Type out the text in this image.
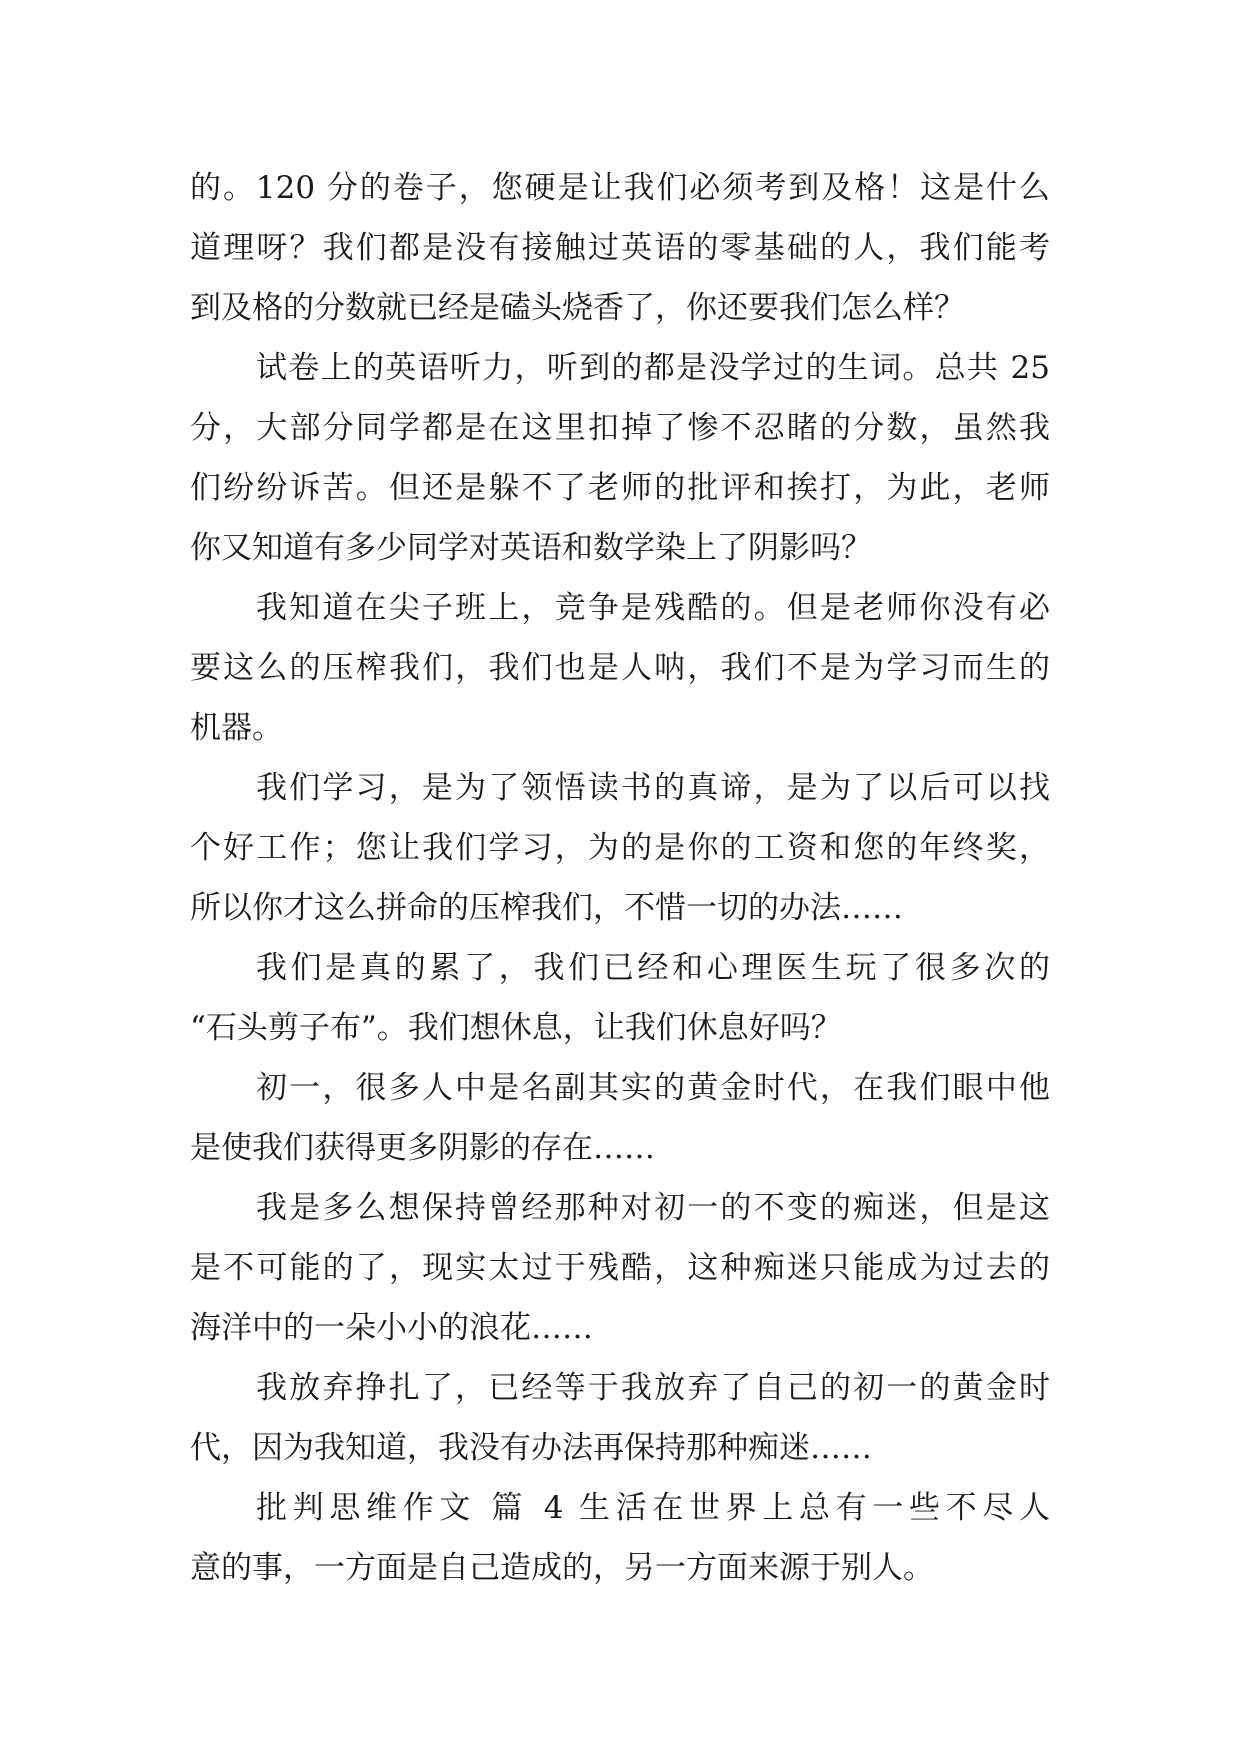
的。120 分的卷子，您硬是让我们必须考到及格！这是什么
道理呀？我们都是没有接触过英语的零基础的人，我们能考
到及格的分数就已经是磕头烧香了，你还要我们怎么样？
试卷上的英语听力，听到的都是没学过的生词。总共 25
分，大部分同学都是在这里扣掉了惨不忍睹的分数，虽然我
们纷纷诉苦。但还是躲不了老师的批评和挨打，为此，老师
你又知道有多少同学对英语和数学染上了阴影吗？
我知道在尖子班上，竞争是残酷的。但是老师你没有必
要这么的压榨我们，我们也是人呐，我们不是为学习而生的
机器。
我们学习，是为了领悟读书的真谛，是为了以后可以找
个好工作；您让我们学习，为的是你的工资和您的年终奖，
所以你才这么拼命的压榨我们，不惜一切的办法……
我们是真的累了，我们已经和心理医生玩了很多次的
“石头剪子布”。我们想休息，让我们休息好吗？
初一，很多人中是名副其实的黄金时代，在我们眼中他
是使我们获得更多阴影的存在……
我是多么想保持曾经那种对初一的不变的痴迷，但是这
是不可能的了，现实太过于残酷，这种痴迷只能成为过去的
海洋中的一朵小小的浪花……
我放弃挣扎了，已经等于我放弃了自己的初一的黄金时
代，因为我知道，我没有办法再保持那种痴迷……
批判思维作文 篇 4 生活在世界上总有一些不尽人
意的事，一方面是自己造成的，另一方面来源于别人。
